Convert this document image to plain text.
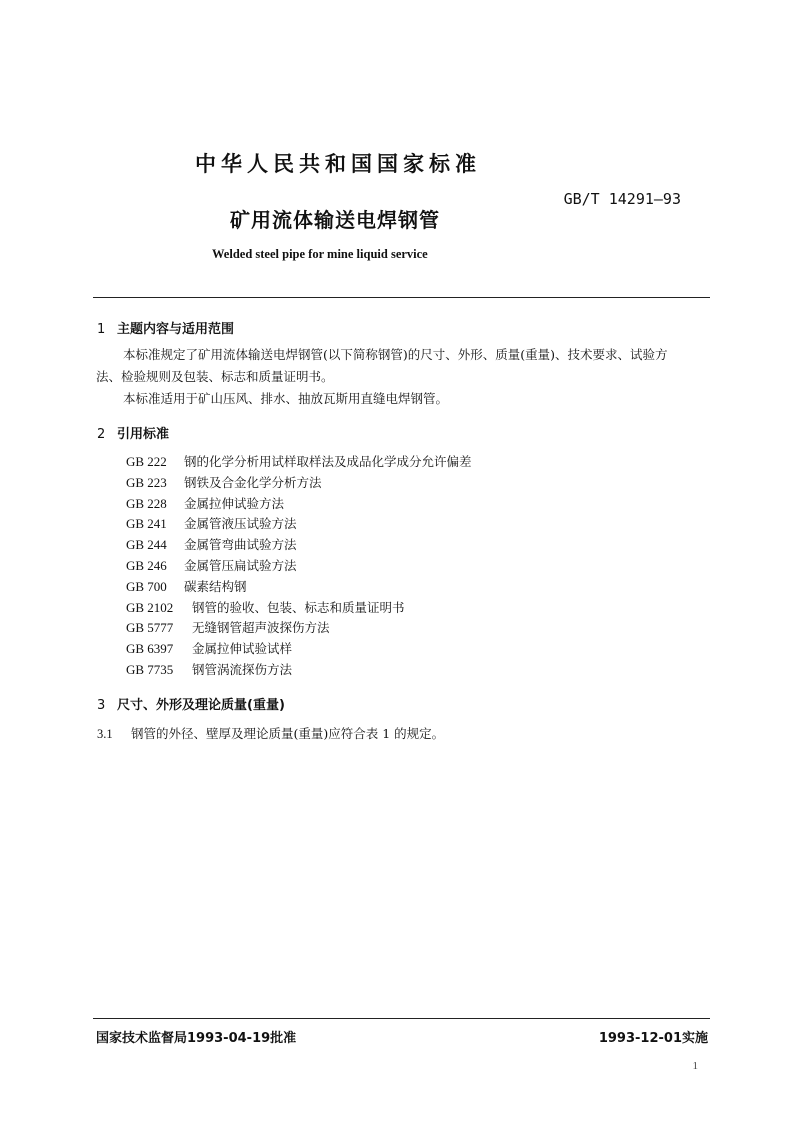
中华人民共和国国家标准
GB/T 14291—93
矿用流体输送电焊钢管
Welded steel pipe for mine liquid service
1 主题内容与适用范围
本标准规定了矿用流体输送电焊钢管(以下简称钢管)的尺寸、外形、质量(重量)、技术要求、试验方
法、检验规则及包装、标志和质量证明书。
本标准适用于矿山压风、排水、抽放瓦斯用直缝电焊钢管。
2 引用标准
GB 222	钢的化学分析用试样取样法及成品化学成分允许偏差
GB 223	钢铁及合金化学分析方法
GB 228	金属拉伸试验方法
GB 241	金属管液压试验方法
GB 244	金属管弯曲试验方法
GB 246	金属管压扁试验方法
GB 700	碳素结构钢
GB 2102	钢管的验收、包装、标志和质量证明书
GB 5777	无缝钢管超声波探伤方法
GB 6397	金属拉伸试验试样
GB 7735	钢管涡流探伤方法
3 尺寸、外形及理论质量(重量)
3.1 钢管的外径、壁厚及理论质量(重量)应符合表 1 的规定。
国家技术监督局1993-04-19批准	1993-12-01实施
1
